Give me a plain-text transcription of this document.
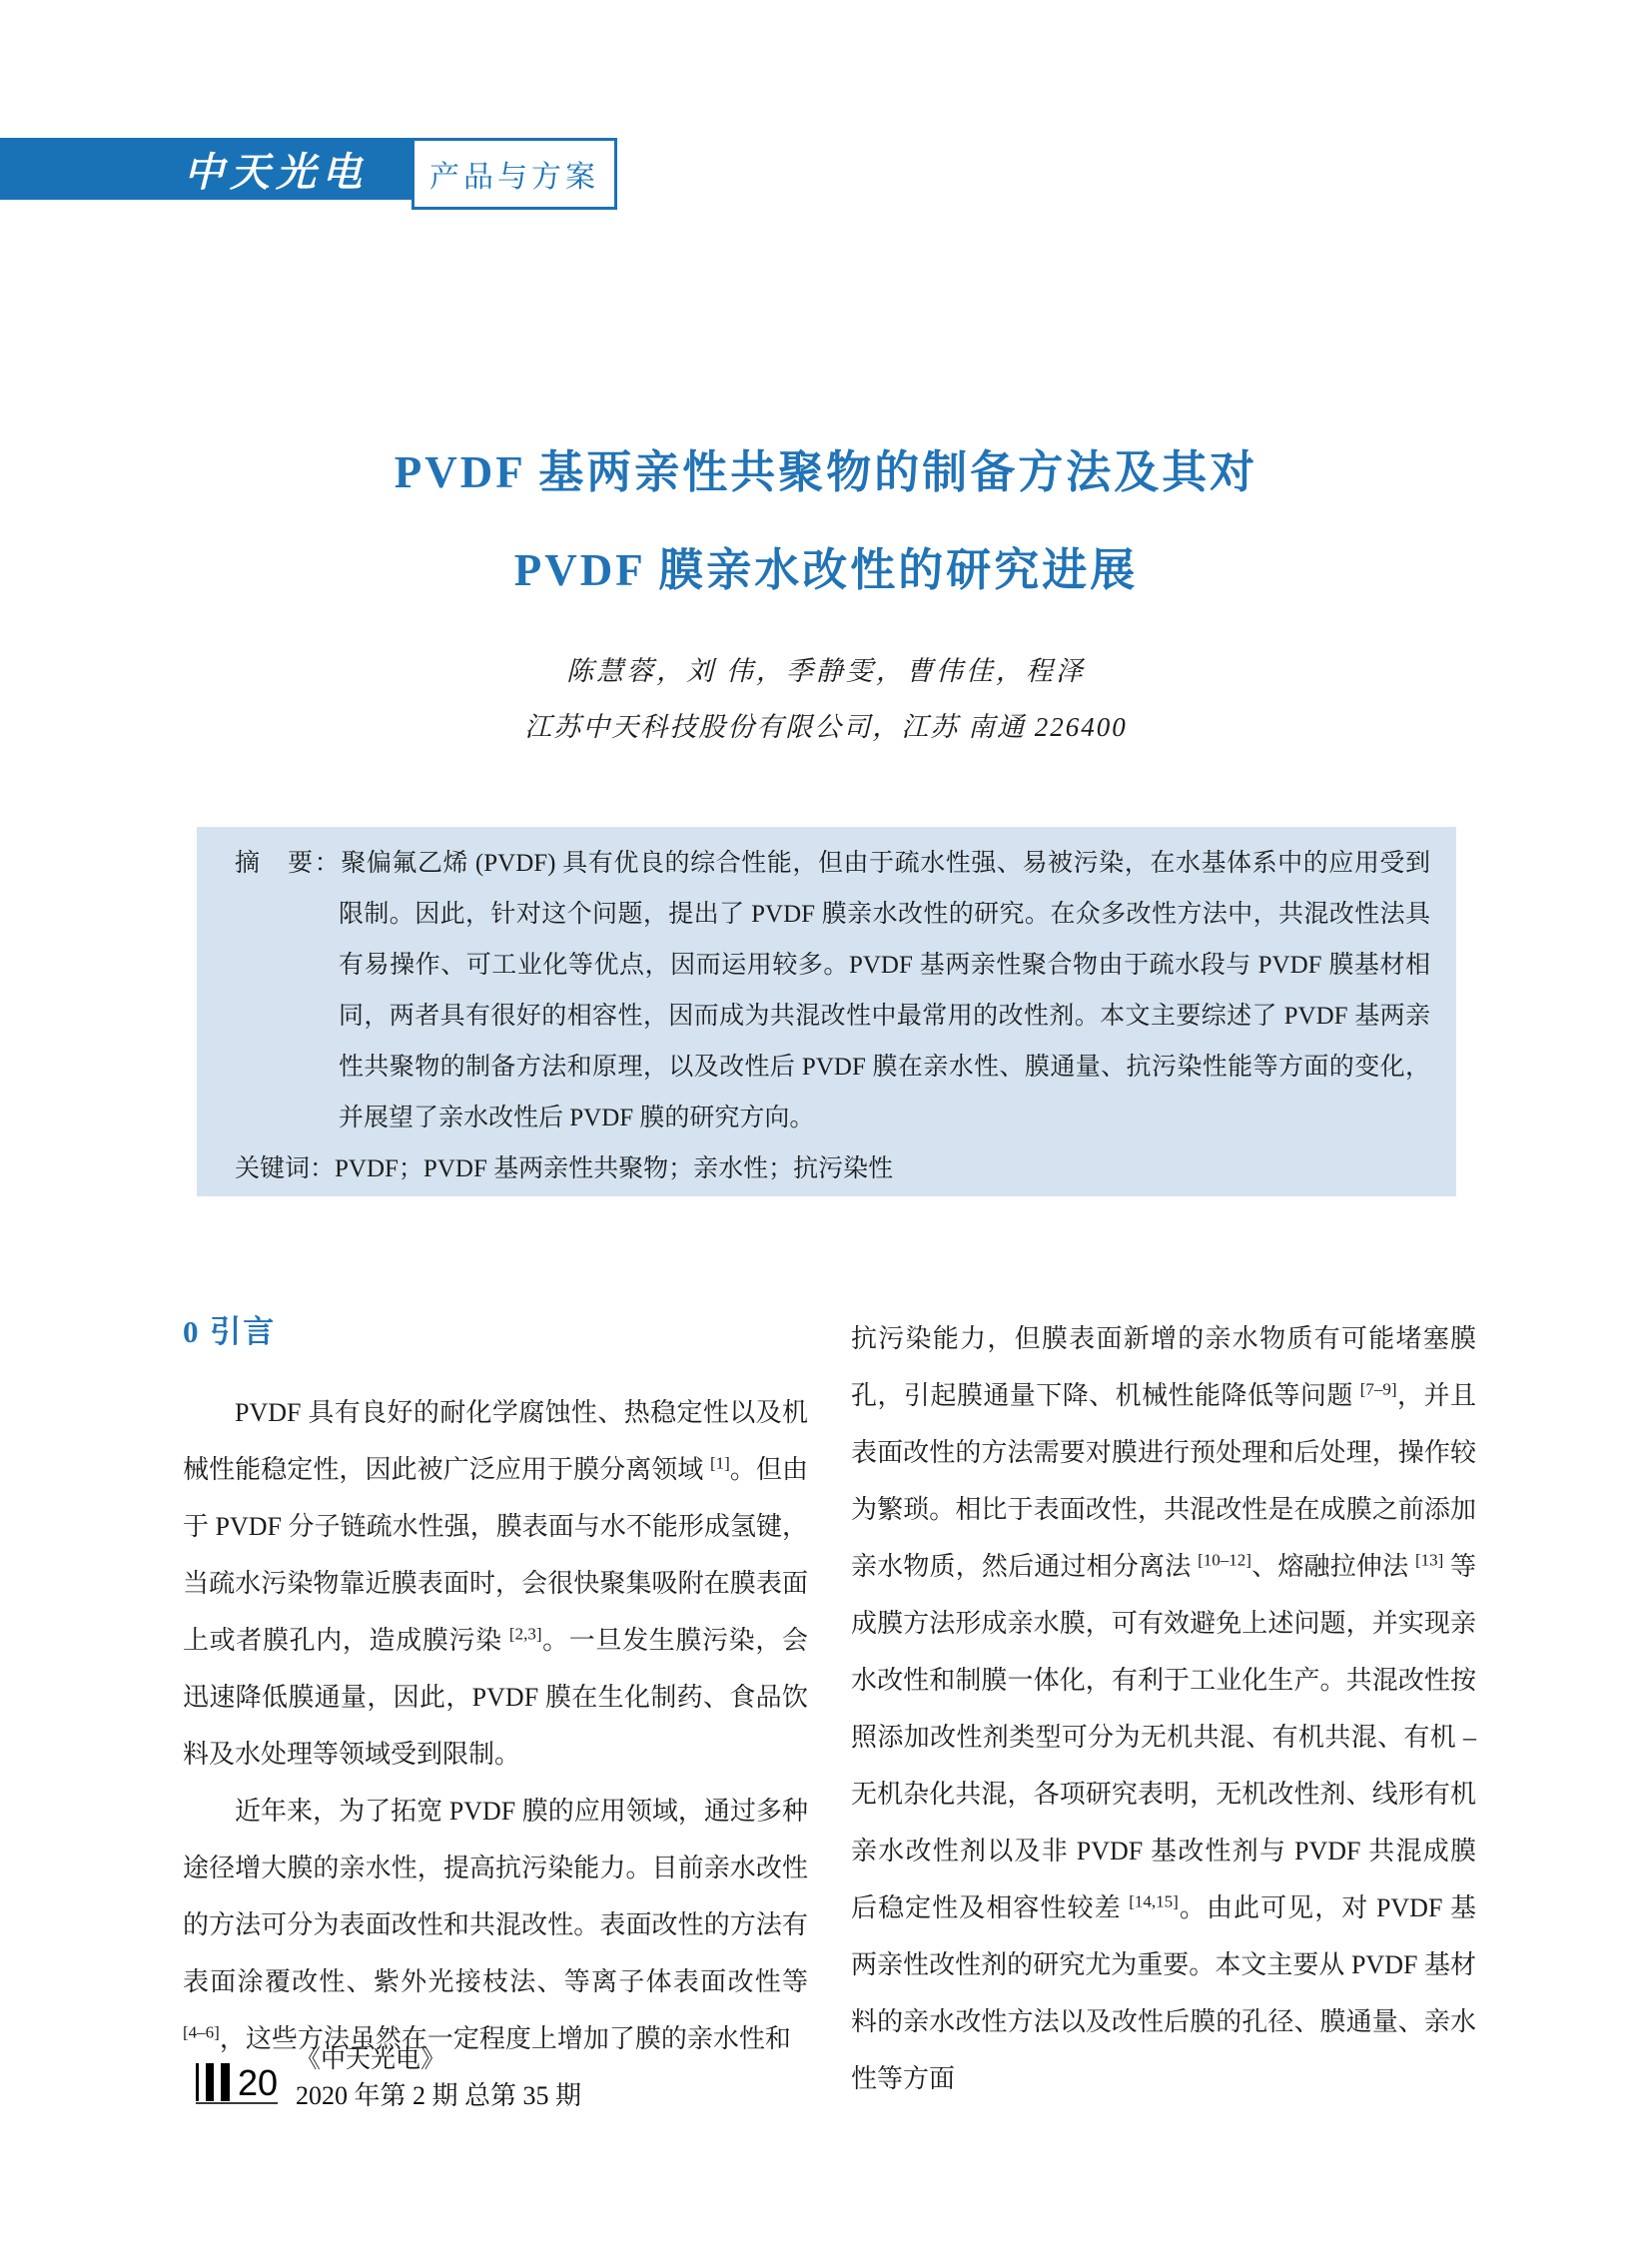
中天光电	产品与方案
PVDF 基两亲性共聚物的制备方法及其对
PVDF 膜亲水改性的研究进展
陈慧蓉，刘 伟，季静雯，曹伟佳，程泽
江苏中天科技股份有限公司，江苏 南通 226400

摘　要：聚偏氟乙烯 (PVDF) 具有优良的综合性能，但由于疏水性强、易被污染，在水基体系中的应用受到限制。因此，针对这个问题，提出了 PVDF 膜亲水改性的研究。在众多改性方法中，共混改性法具有易操作、可工业化等优点，因而运用较多。PVDF 基两亲性聚合物由于疏水段与 PVDF 膜基材相同，两者具有很好的相容性，因而成为共混改性中最常用的改性剂。本文主要综述了 PVDF 基两亲性共聚物的制备方法和原理，以及改性后 PVDF 膜在亲水性、膜通量、抗污染性能等方面的变化，并展望了亲水改性后 PVDF 膜的研究方向。

关键词：PVDF；PVDF 基两亲性共聚物；亲水性；抗污染性

0 引言

PVDF 具有良好的耐化学腐蚀性、热稳定性以及机械性能稳定性，因此被广泛应用于膜分离领域 [1]。但由于 PVDF 分子链疏水性强，膜表面与水不能形成氢键，当疏水污染物靠近膜表面时，会很快聚集吸附在膜表面上或者膜孔内，造成膜污染 [2,3]。一旦发生膜污染，会迅速降低膜通量，因此，PVDF 膜在生化制药、食品饮料及水处理等领域受到限制。

近年来，为了拓宽 PVDF 膜的应用领域，通过多种途径增大膜的亲水性，提高抗污染能力。目前亲水改性的方法可分为表面改性和共混改性。表面改性的方法有表面涂覆改性、紫外光接枝法、等离子体表面改性等 [4–6]，这些方法虽然在一定程度上增加了膜的亲水性和

抗污染能力，但膜表面新增的亲水物质有可能堵塞膜孔，引起膜通量下降、机械性能降低等问题 [7–9]，并且表面改性的方法需要对膜进行预处理和后处理，操作较为繁琐。相比于表面改性，共混改性是在成膜之前添加亲水物质，然后通过相分离法 [10–12]、熔融拉伸法 [13] 等成膜方法形成亲水膜，可有效避免上述问题，并实现亲水改性和制膜一体化，有利于工业化生产。共混改性按照添加改性剂类型可分为无机共混、有机共混、有机 – 无机杂化共混，各项研究表明，无机改性剂、线形有机亲水改性剂以及非 PVDF 基改性剂与 PVDF 共混成膜后稳定性及相容性较差 [14,15]。由此可见，对 PVDF 基两亲性改性剂的研究尤为重要。本文主要从 PVDF 基材料的亲水改性方法以及改性后膜的孔径、膜通量、亲水性等方面

20
《中天光电》
2020 年第 2 期 总第 35 期
